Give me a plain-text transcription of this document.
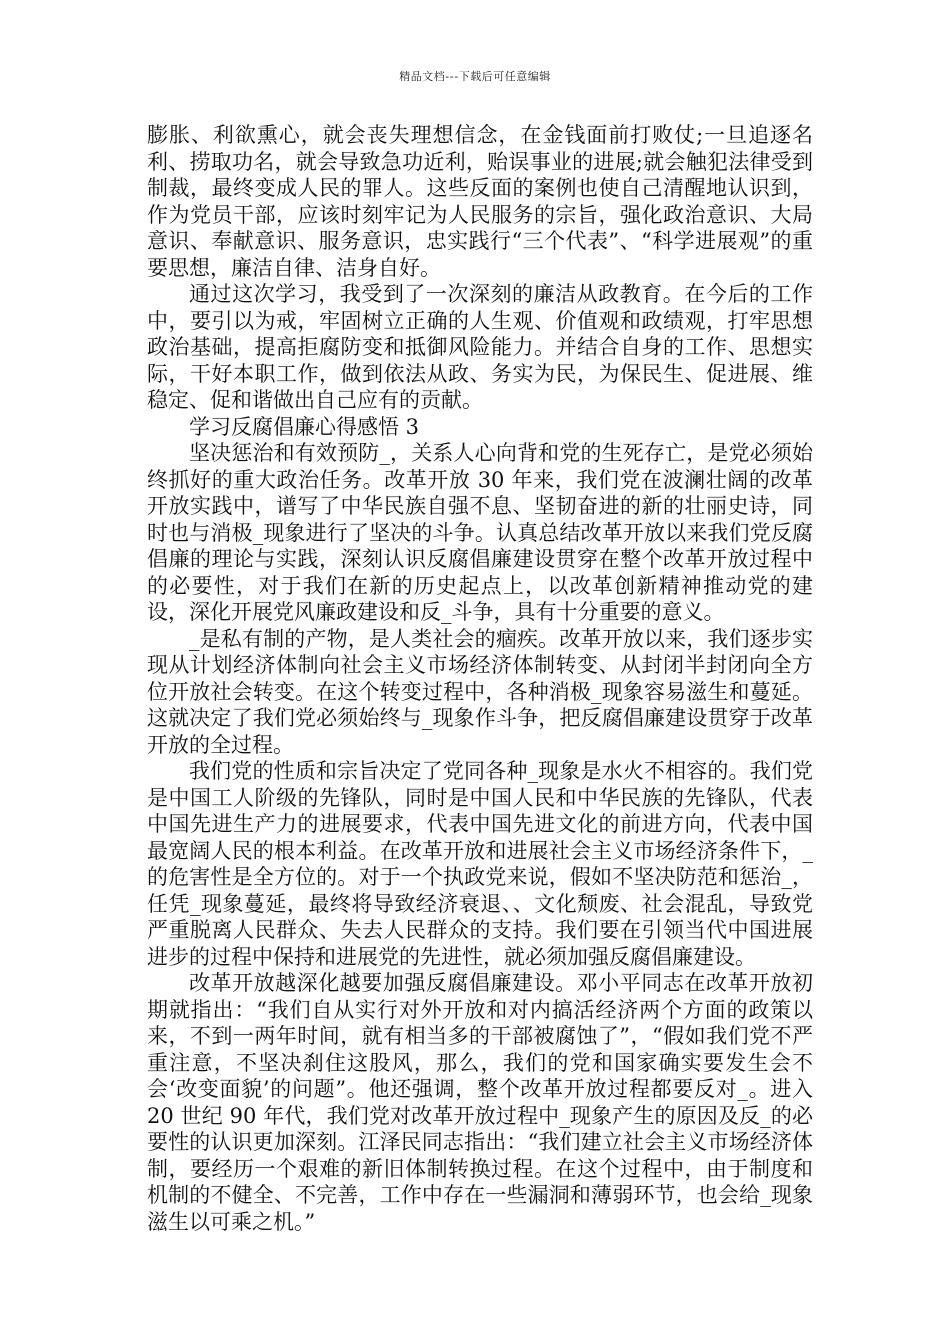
精品文档---下载后可任意编辑

膨胀、利欲熏心，就会丧失理想信念，在金钱面前打败仗;一旦追逐名利、捞取功名，就会导致急功近利，贻误事业的进展;就会触犯法律受到制裁，最终变成人民的罪人。这些反面的案例也使自己清醒地认识到，作为党员干部，应该时刻牢记为人民服务的宗旨，强化政治意识、大局意识、奉献意识、服务意识，忠实践行“三个代表”、“科学进展观”的重要思想，廉洁自律、洁身自好。

通过这次学习，我受到了一次深刻的廉洁从政教育。在今后的工作中，要引以为戒，牢固树立正确的人生观、价值观和政绩观，打牢思想政治基础，提高拒腐防变和抵御风险能力。并结合自身的工作、思想实际，干好本职工作，做到依法从政、务实为民，为保民生、促进展、维稳定、促和谐做出自己应有的贡献。

学习反腐倡廉心得感悟 3

坚决惩治和有效预防_，关系人心向背和党的生死存亡，是党必须始终抓好的重大政治任务。改革开放 30 年来，我们党在波澜壮阔的改革开放实践中，谱写了中华民族自强不息、坚韧奋进的新的壮丽史诗，同时也与消极_现象进行了坚决的斗争。认真总结改革开放以来我们党反腐倡廉的理论与实践，深刻认识反腐倡廉建设贯穿在整个改革开放过程中的必要性，对于我们在新的历史起点上，以改革创新精神推动党的建设，深化开展党风廉政建设和反_斗争，具有十分重要的意义。

_是私有制的产物，是人类社会的痼疾。改革开放以来，我们逐步实现从计划经济体制向社会主义市场经济体制转变、从封闭半封闭向全方位开放社会转变。在这个转变过程中，各种消极_现象容易滋生和蔓延。这就决定了我们党必须始终与_现象作斗争，把反腐倡廉建设贯穿于改革开放的全过程。

我们党的性质和宗旨决定了党同各种_现象是水火不相容的。我们党是中国工人阶级的先锋队，同时是中国人民和中华民族的先锋队，代表中国先进生产力的进展要求，代表中国先进文化的前进方向，代表中国最宽阔人民的根本利益。在改革开放和进展社会主义市场经济条件下，_的危害性是全方位的。对于一个执政党来说，假如不坚决防范和惩治_，任凭_现象蔓延，最终将导致经济衰退、、文化颓废、社会混乱，导致党严重脱离人民群众、失去人民群众的支持。我们要在引领当代中国进展进步的过程中保持和进展党的先进性，就必须加强反腐倡廉建设。

改革开放越深化越要加强反腐倡廉建设。邓小平同志在改革开放初期就指出：“我们自从实行对外开放和对内搞活经济两个方面的政策以来，不到一两年时间，就有相当多的干部被腐蚀了”，“假如我们党不严重注意，不坚决刹住这股风，那么，我们的党和国家确实要发生会不会‘改变面貌’的问题”。他还强调，整个改革开放过程都要反对_。进入 20 世纪 90 年代，我们党对改革开放过程中_现象产生的原因及反_的必要性的认识更加深刻。江泽民同志指出：“我们建立社会主义市场经济体制，要经历一个艰难的新旧体制转换过程。在这个过程中，由于制度和机制的不健全、不完善，工作中存在一些漏洞和薄弱环节，也会给_现象滋生以可乘之机。”
